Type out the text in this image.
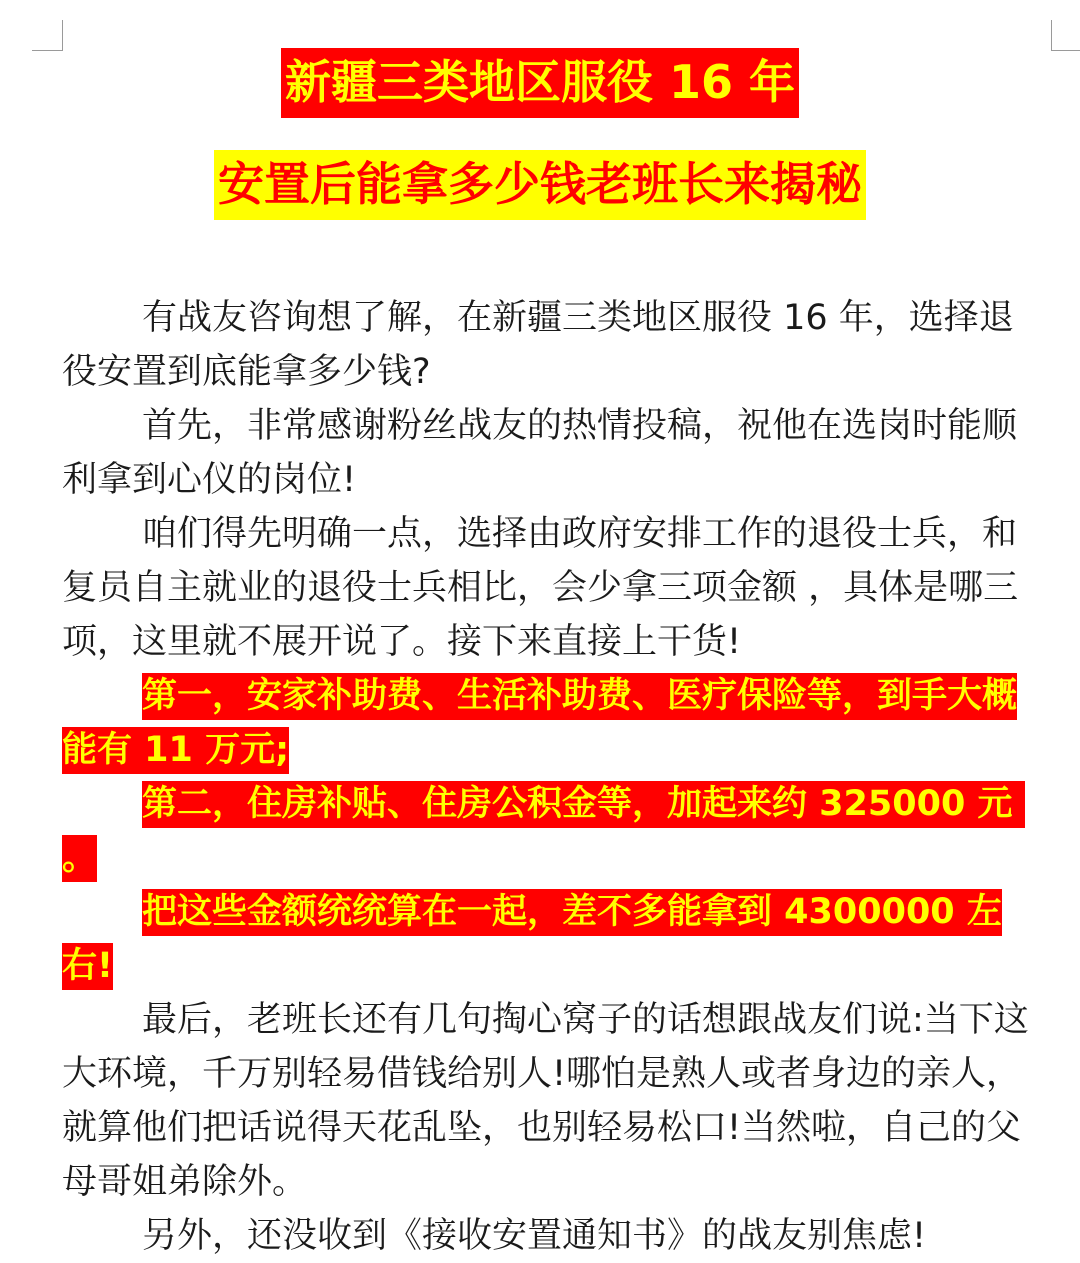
新疆三类地区服役 16 年
安置后能拿多少钱老班长来揭秘

有战友咨询想了解，在新疆三类地区服役 16 年，选择退役安置到底能拿多少钱?

首先，非常感谢粉丝战友的热情投稿，祝他在选岗时能顺利拿到心仪的岗位!

咱们得先明确一点，选择由政府安排工作的退役士兵，和复员自主就业的退役士兵相比，会少拿三项金额 ，具体是哪三项，这里就不展开说了。接下来直接上干货!

第一，安家补助费、生活补助费、医疗保险等，到手大概能有 11 万元;

第二，住房补贴、住房公积金等，加起来约 325000 元 。

把这些金额统统算在一起，差不多能拿到 4300000 左右!

最后，老班长还有几句掏心窝子的话想跟战友们说:当下这大环境，千万别轻易借钱给别人!哪怕是熟人或者身边的亲人，就算他们把话说得天花乱坠，也别轻易松口!当然啦，自己的父母哥姐弟除外。

另外，还没收到《接收安置通知书》的战友别焦虑!
